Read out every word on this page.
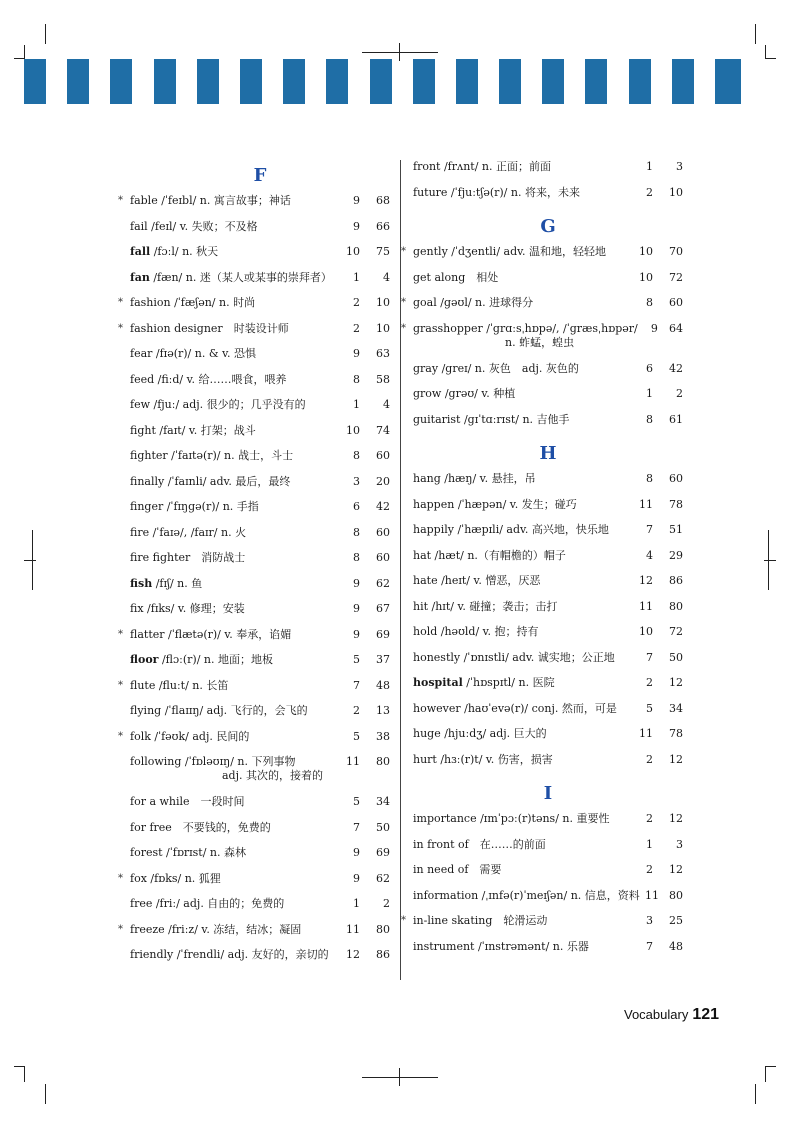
F
* fable /ˈfeɪbl/ n. 寓言故事；神话	9	68
fail /feɪl/ v. 失败；不及格	9	66
fall /fɔːl/ n. 秋天	10	75
fan /fæn/ n. 迷（某人或某事的崇拜者）	1	4
* fashion /ˈfæʃən/ n. 时尚	2	10
* fashion designer　时装设计师	2	10
fear /fɪə(r)/ n. & v. 恐惧	9	63
feed /fiːd/ v. 给……喂食，喂养	8	58
few /fjuː/ adj. 很少的；几乎没有的	1	4
fight /faɪt/ v. 打架；战斗	10	74
fighter /ˈfaɪtə(r)/ n. 战士，斗士	8	60
finally /ˈfaɪnli/ adv. 最后，最终	3	20
finger /ˈfɪŋgə(r)/ n. 手指	6	42
fire /ˈfaɪə/, /faɪr/ n. 火	8	60
fire fighter　消防战士	8	60
fish /fɪʃ/ n. 鱼	9	62
fix /fɪks/ v. 修理；安装	9	67
* flatter /ˈflætə(r)/ v. 奉承，谄媚	9	69
floor /flɔː(r)/ n. 地面；地板	5	37
* flute /fluːt/ n. 长笛	7	48
flying /ˈflaɪɪŋ/ adj. 飞行的，会飞的	2	13
* folk /ˈfəʊk/ adj. 民间的	5	38
following /ˈfɒləʊɪŋ/ n. 下列事物
adj. 其次的，接着的
11	80
for a while　一段时间	5	34
for free　不要钱的，免费的	7	50
forest /ˈfɒrɪst/ n. 森林	9	69
* fox /fɒks/ n. 狐狸	9	62
free /friː/ adj. 自由的；免费的	1	2
* freeze /friːz/ v. 冻结，结冰；凝固	11	80
friendly /ˈfrendli/ adj. 友好的，亲切的	12	86
front /frʌnt/ n. 正面；前面	1	3
future /ˈfjuːtʃə(r)/ n. 将来，未来	2	10
G
* gently /ˈdʒentli/ adv. 温和地，轻轻地	10	70
get along　相处	10	72
* goal /gəʊl/ n. 进球得分	8	60
* grasshopper /ˈgrɑːsˌhɒpə/, /ˈgræsˌhɒpər/
n. 蚱蜢，蝗虫
9	64
gray /greɪ/ n. 灰色　adj. 灰色的	6	42
grow /grəʊ/ v. 种植	1	2
guitarist /gɪˈtɑːrɪst/ n. 吉他手	8	61
H
hang /hæŋ/ v. 悬挂，吊	8	60
happen /ˈhæpən/ v. 发生；碰巧	11	78
happily /ˈhæpɪli/ adv. 高兴地，快乐地	7	51
hat /hæt/ n.（有帽檐的）帽子	4	29
hate /heɪt/ v. 憎恶，厌恶	12	86
hit /hɪt/ v. 碰撞；袭击；击打	11	80
hold /həʊld/ v. 抱；持有	10	72
honestly /ˈɒnɪstli/ adv. 诚实地；公正地	7	50
hospital /ˈhɒspɪtl/ n. 医院	2	12
however /haʊˈevə(r)/ conj. 然而，可是	5	34
huge /hjuːdʒ/ adj. 巨大的	11	78
hurt /hɜː(r)t/ v. 伤害，损害	2	12
I
importance /ɪmˈpɔː(r)təns/ n. 重要性	2	12
in front of　在……的前面	1	3
in need of　需要	2	12
information /ˌɪnfə(r)ˈmeɪʃən/ n. 信息，资料 11 80
* in-line skating　轮滑运动	3	25
instrument /ˈɪnstrəmənt/ n. 乐器	7	48
Vocabulary 121
